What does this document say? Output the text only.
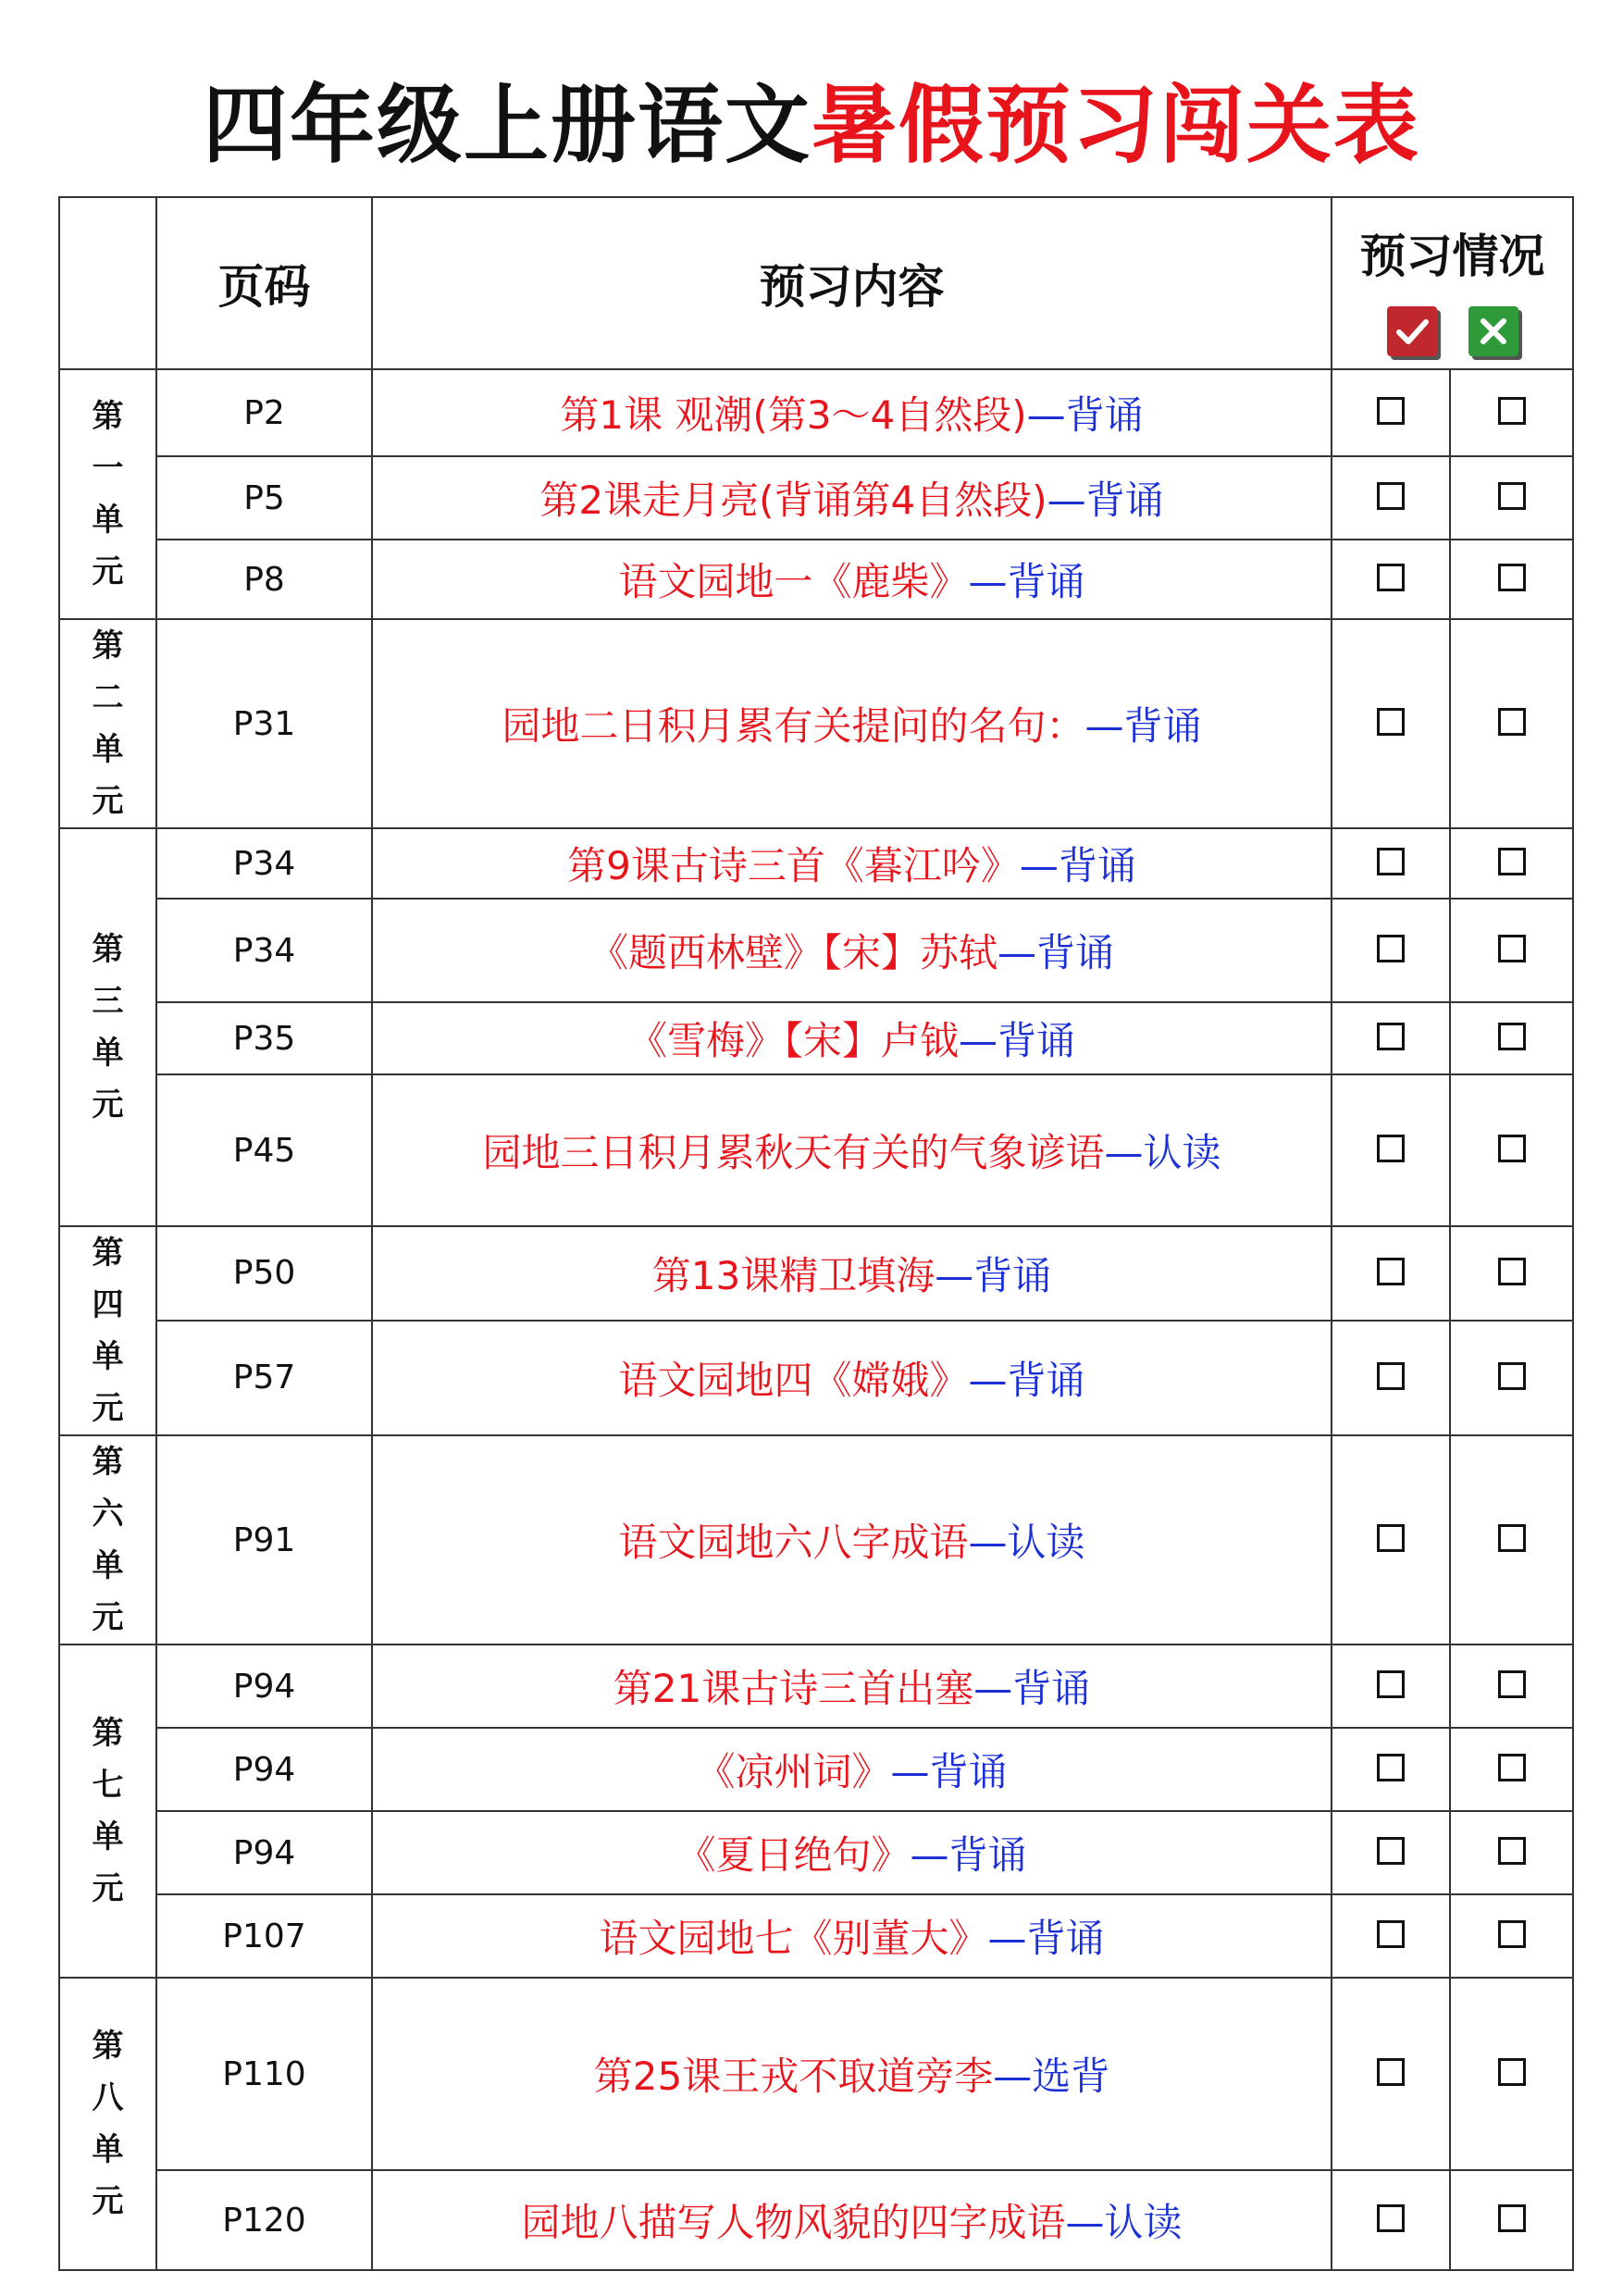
四年级上册语文暑假预习闯关表
	页码	预习内容	预习情况	

第一单元	P2	第1课 观潮(第3～4自然段)—背诵		
	P5	第2课走月亮(背诵第4自然段)—背诵		
	P8	语文园地一《鹿柴》—背诵		
第二单元	P31	园地二日积月累有关提问的名句：—背诵		
第三单元	P34	第9课古诗三首《暮江吟》—背诵		
	P34	《题西林壁》【宋】苏轼—背诵		
	P35	《雪梅》【宋】卢钺—背诵		
	P45	园地三日积月累秋天有关的气象谚语—认读		
第四单元	P50	第13课精卫填海—背诵		
	P57	语文园地四《嫦娥》—背诵		
第六单元	P91	语文园地六八字成语—认读		
第七单元	P94	第21课古诗三首出塞—背诵		
	P94	《凉州词》—背诵		
	P94	《夏日绝句》—背诵		
	P107	语文园地七《别董大》—背诵		
第八单元	P110	第25课王戎不取道旁李—选背		
	P120	园地八描写人物风貌的四字成语—认读		
